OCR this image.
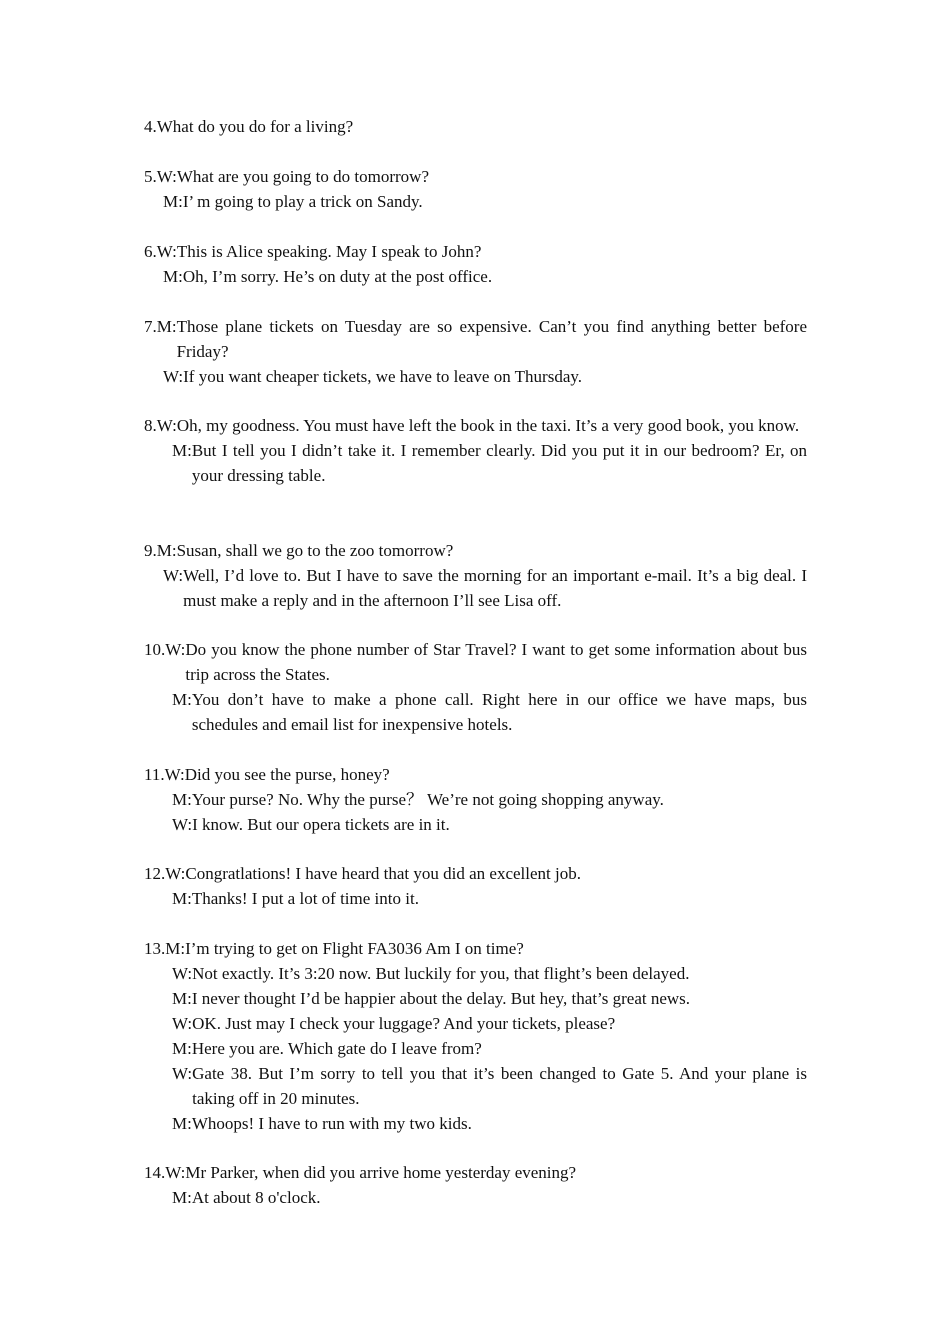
4. What do you do for a living?
5. W: What are you going to do tomorrow?
M: I’ m going to play a trick on Sandy.
6. W: This is Alice speaking. May I speak to John?
M: Oh, I’m sorry. He’s on duty at the post office.
7. M: Those plane tickets on Tuesday are so expensive. Can’t you find anything better before Friday?
W: If you want cheaper tickets, we have to leave on Thursday.
8. W: Oh, my goodness. You must have left the book in the taxi. It’s a very good book, you know.
M: But I tell you I didn’t take it. I remember clearly. Did you put it in our bedroom? Er, on your dressing table.
9. M: Susan, shall we go to the zoo tomorrow?
W: Well, I’d love to. But I have to save the morning for an important e-mail. It’s a big deal. I must make a reply and in the afternoon I’ll see Lisa off.
10. W: Do you know the phone number of Star Travel? I want to get some information about bus trip across the States.
M: You don’t have to make a phone call. Right here in our office we have maps, bus schedules and email list for inexpensive hotels.
11. W: Did you see the purse, honey?
M: Your purse? No. Why the purse？ We’re not going shopping anyway.
W: I know. But our opera tickets are in it.
12. W: Congratlations! I have heard that you did an excellent job.
M: Thanks! I put a lot of time into it.
13. M: I’m trying to get on Flight FA3036 Am I on time?
W: Not exactly. It’s 3:20 now. But luckily for you, that flight’s been delayed.
M: I never thought I’d be happier about the delay. But hey, that’s great news.
W: OK. Just may I check your luggage? And your tickets, please?
M: Here you are. Which gate do I leave from?
W: Gate 38. But I’m sorry to tell you that it’s been changed to Gate 5. And your plane is taking off in 20 minutes.
M: Whoops! I have to run with my two kids.
14. W: Mr Parker, when did you arrive home yesterday evening?
M: At about 8 o'clock.
